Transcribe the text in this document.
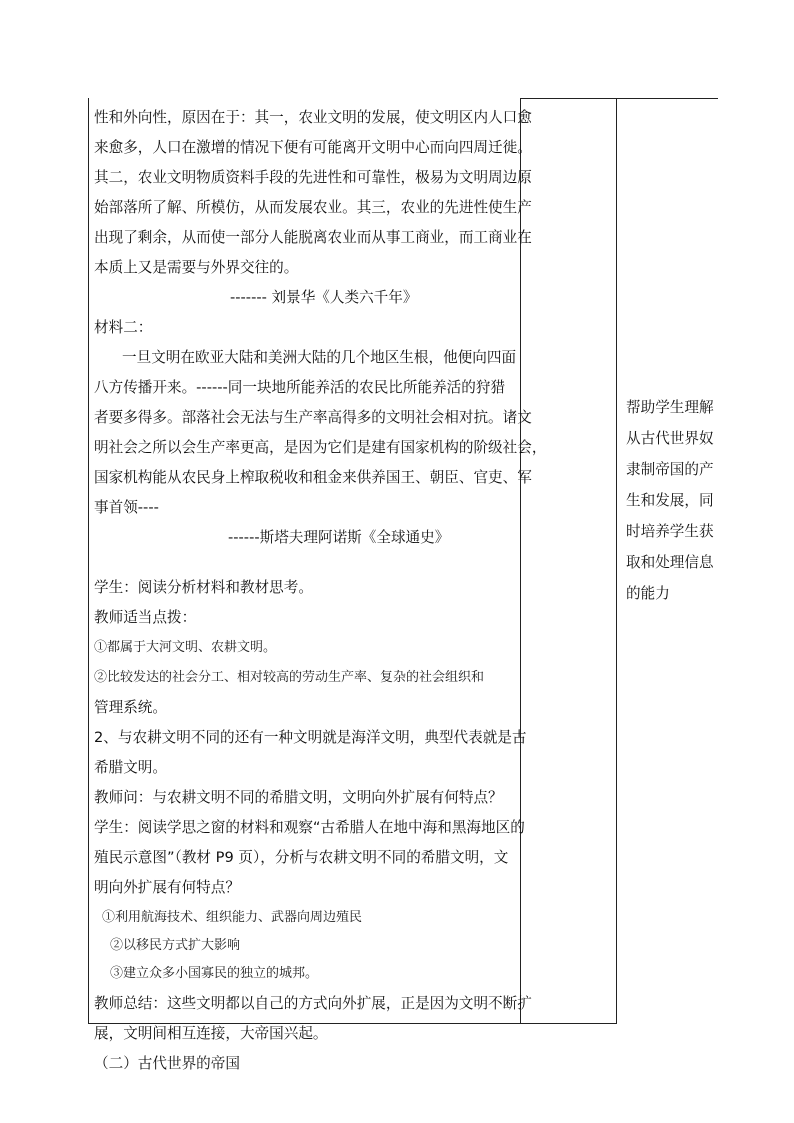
性和外向性，原因在于：其一，农业文明的发展，使文明区内人口愈
来愈多，人口在激增的情况下便有可能离开文明中心而向四周迁徙。
其二，农业文明物质资料手段的先进性和可靠性，极易为文明周边原
始部落所了解、所模仿，从而发展农业。其三，农业的先进性使生产
出现了剩余，从而使一部分人能脱离农业而从事工商业，而工商业在
本质上又是需要与外界交往的。
------- 刘景华《人类六千年》
材料二：
一旦文明在欧亚大陆和美洲大陆的几个地区生根，他便向四面
八方传播开来。------同一块地所能养活的农民比所能养活的狩猎
者要多得多。部落社会无法与生产率高得多的文明社会相对抗。诸文
明社会之所以会生产率更高，是因为它们是建有国家机构的阶级社会，
国家机构能从农民身上榨取税收和租金来供养国王、朝臣、官吏、军
事首领----
------斯塔夫理阿诺斯《全球通史》
学生：阅读分析材料和教材思考。
教师适当点拨：
①都属于大河文明、农耕文明。
②比较发达的社会分工、相对较高的劳动生产率、复杂的社会组织和
管理系统。
2、与农耕文明不同的还有一种文明就是海洋文明，典型代表就是古
希腊文明。
教师问：与农耕文明不同的希腊文明，文明向外扩展有何特点？
学生：阅读学思之窗的材料和观察“古希腊人在地中海和黑海地区的
殖民示意图”（教材 P9 页），分析与农耕文明不同的希腊文明，文
明向外扩展有何特点？
①利用航海技术、组织能力、武器向周边殖民
②以移民方式扩大影响
③建立众多小国寡民的独立的城邦。
教师总结：这些文明都以自己的方式向外扩展，正是因为文明不断扩
展，文明间相互连接，大帝国兴起。
（二）古代世界的帝国
帮助学生理解
从古代世界奴
隶制帝国的产
生和发展，同
时培养学生获
取和处理信息
的能力
